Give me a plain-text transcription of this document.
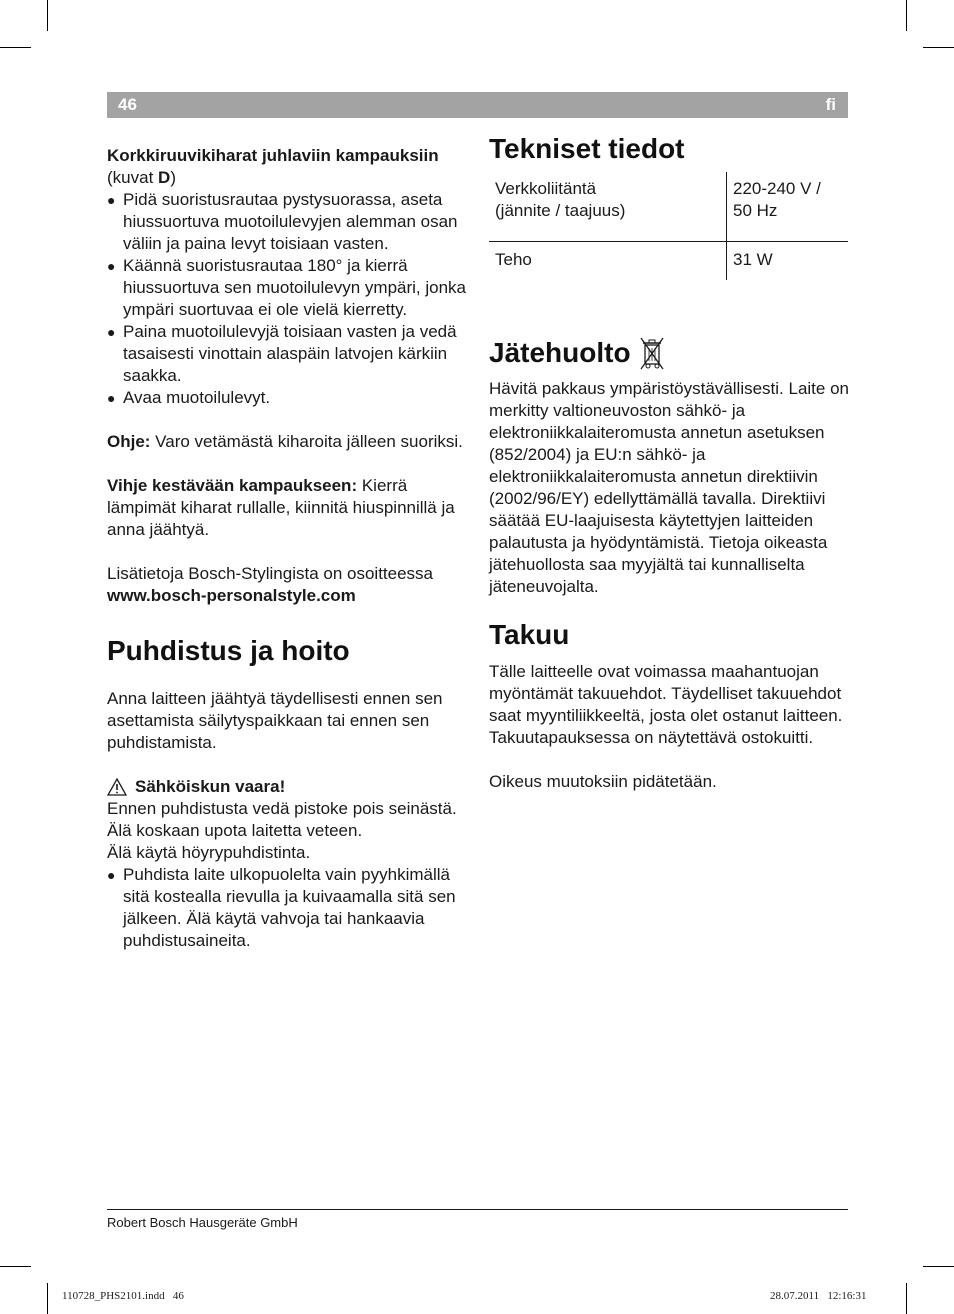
46	fi

Korkkiruuvikiharat juhlaviin kampauksiin
(kuvat D)

● Pidä suoristusrautaa pystysuorassa, aseta hiussuortuva muotoilulevyjen alemman osan väliin ja paina levyt toisiaan vasten.

● Käännä suoristusrautaa 180° ja kierrä hiussuortuva sen muotoilulevyn ympäri, jonka ympäri suortuvaa ei ole vielä kierretty.

● Paina muotoilulevyjä toisiaan vasten ja vedä tasaisesti vinottain alaspäin latvojen kärkiin saakka.

● Avaa muotoilulevyt.

Ohje: Varo vetämästä kiharoita jälleen suoriksi.

Vihje kestävään kampaukseen: Kierrä lämpimät kiharat rullalle, kiinnitä hiuspinnillä ja anna jäähtyä.

Lisätietoja Bosch-Stylingista on osoitteessa

www.bosch-personalstyle.com

Puhdistus ja hoito

Anna laitteen jäähtyä täydellisesti ennen sen asettamista säilytyspaikkaan tai ennen sen puhdistamista.

Sähköiskun vaara!

Ennen puhdistusta vedä pistoke pois seinästä.

Älä koskaan upota laitetta veteen.

Älä käytä höyrypuhdistinta.

● Puhdista laite ulkopuolelta vain pyyhkimällä sitä kostealla rievulla ja kuivaamalla sitä sen jälkeen. Älä käytä vahvoja tai hankaavia puhdistusaineita.

Tekniset tiedot
Verkkoliitäntä
(jännite / taajuus)	220-240 V /
50 Hz
Teho	31 W
Jätehuolto

Hävitä pakkaus ympäristöystävällisesti. Laite on merkitty valtioneuvoston sähkö- ja elektroniikkalaiteromusta annetun asetuksen (852/2004) ja EU:n sähkö- ja elektroniikkalaiteromusta annetun direktiivin (2002/96/EY) edellyttämällä tavalla. Direktiivi säätää EU-laajuisesta käytettyjen laitteiden palautusta ja hyödyntämistä. Tietoja oikeasta jätehuollosta saa myyjältä tai kunnalliselta jäteneuvojalta.

Takuu

Tälle laitteelle ovat voimassa maahantuojan myöntämät takuuehdot. Täydelliset takuuehdot saat myyntiliikkeeltä, josta olet ostanut laitteen. Takuutapauksessa on näytettävä ostokuitti.

Oikeus muutoksiin pidätetään.

Robert Bosch Hausgeräte GmbH
110728_PHS2101.indd   46	28.07.2011   12:16:31
